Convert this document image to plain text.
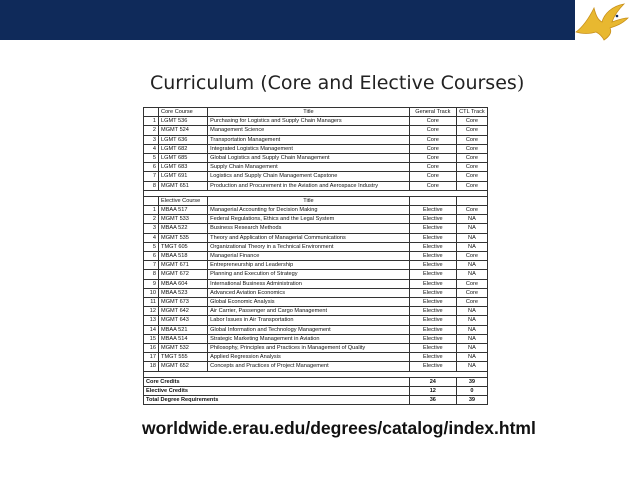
Curriculum (Core and Elective Courses)
	Core Course	Title	General Track	CTL Track
1	LGMT 536	Purchasing for Logistics and Supply Chain Managers	Core	Core
2	MGMT 524	Management Science	Core	Core
3	LGMT 636	Transportation Management	Core	Core
4	LGMT 682	Integrated Logistics Management	Core	Core
5	LGMT 685	Global Logistics and Supply Chain Management	Core	Core
6	LGMT 683	Supply Chain Management	Core	Core
7	LGMT 691	Logistics and Supply Chain Management Capstone	Core	Core
8	MGMT 651	Production and Procurement in the Aviation and Aerospace Industry	Core	Core

	Elective Course	Title		
1	MBAA 517	Managerial Accounting for Decision Making	Elective	Core
2	MGMT 533	Federal Regulations, Ethics and the Legal System	Elective	NA
3	MBAA 522	Business Research Methods	Elective	NA
4	MGMT 535	Theory and Application of Managerial Communications	Elective	NA
5	TMGT 605	Organizational Theory in a Technical Environment	Elective	NA
6	MBAA 518	Managerial Finance	Elective	Core
7	MGMT 671	Entrepreneurship and Leadership	Elective	NA
8	MGMT 672	Planning and Execution of Strategy	Elective	NA
9	MBAA 604	International Business Administration	Elective	Core
10	MBAA 523	Advanced Aviation Economics	Elective	Core
11	MGMT 673	Global Economic Analysis	Elective	Core
12	MGMT 642	Air Carrier, Passenger and Cargo Management	Elective	NA
13	MGMT 643	Labor Issues in Air Transportation	Elective	NA
14	MBAA 521	Global Information and Technology Management	Elective	NA
15	MBAA 514	Strategic Marketing Management in Aviation	Elective	NA
16	MGMT 532	Philosophy, Principles and Practices in Management of Quality	Elective	NA
17	TMGT 555	Applied Regression Analysis	Elective	NA
18	MGMT 652	Concepts and Practices of Project Management	Elective	NA

Core Credits			24	39
Elective Credits			12	0
Total Degree Requirements			36	39
worldwide.erau.edu/degrees/catalog/index.html
